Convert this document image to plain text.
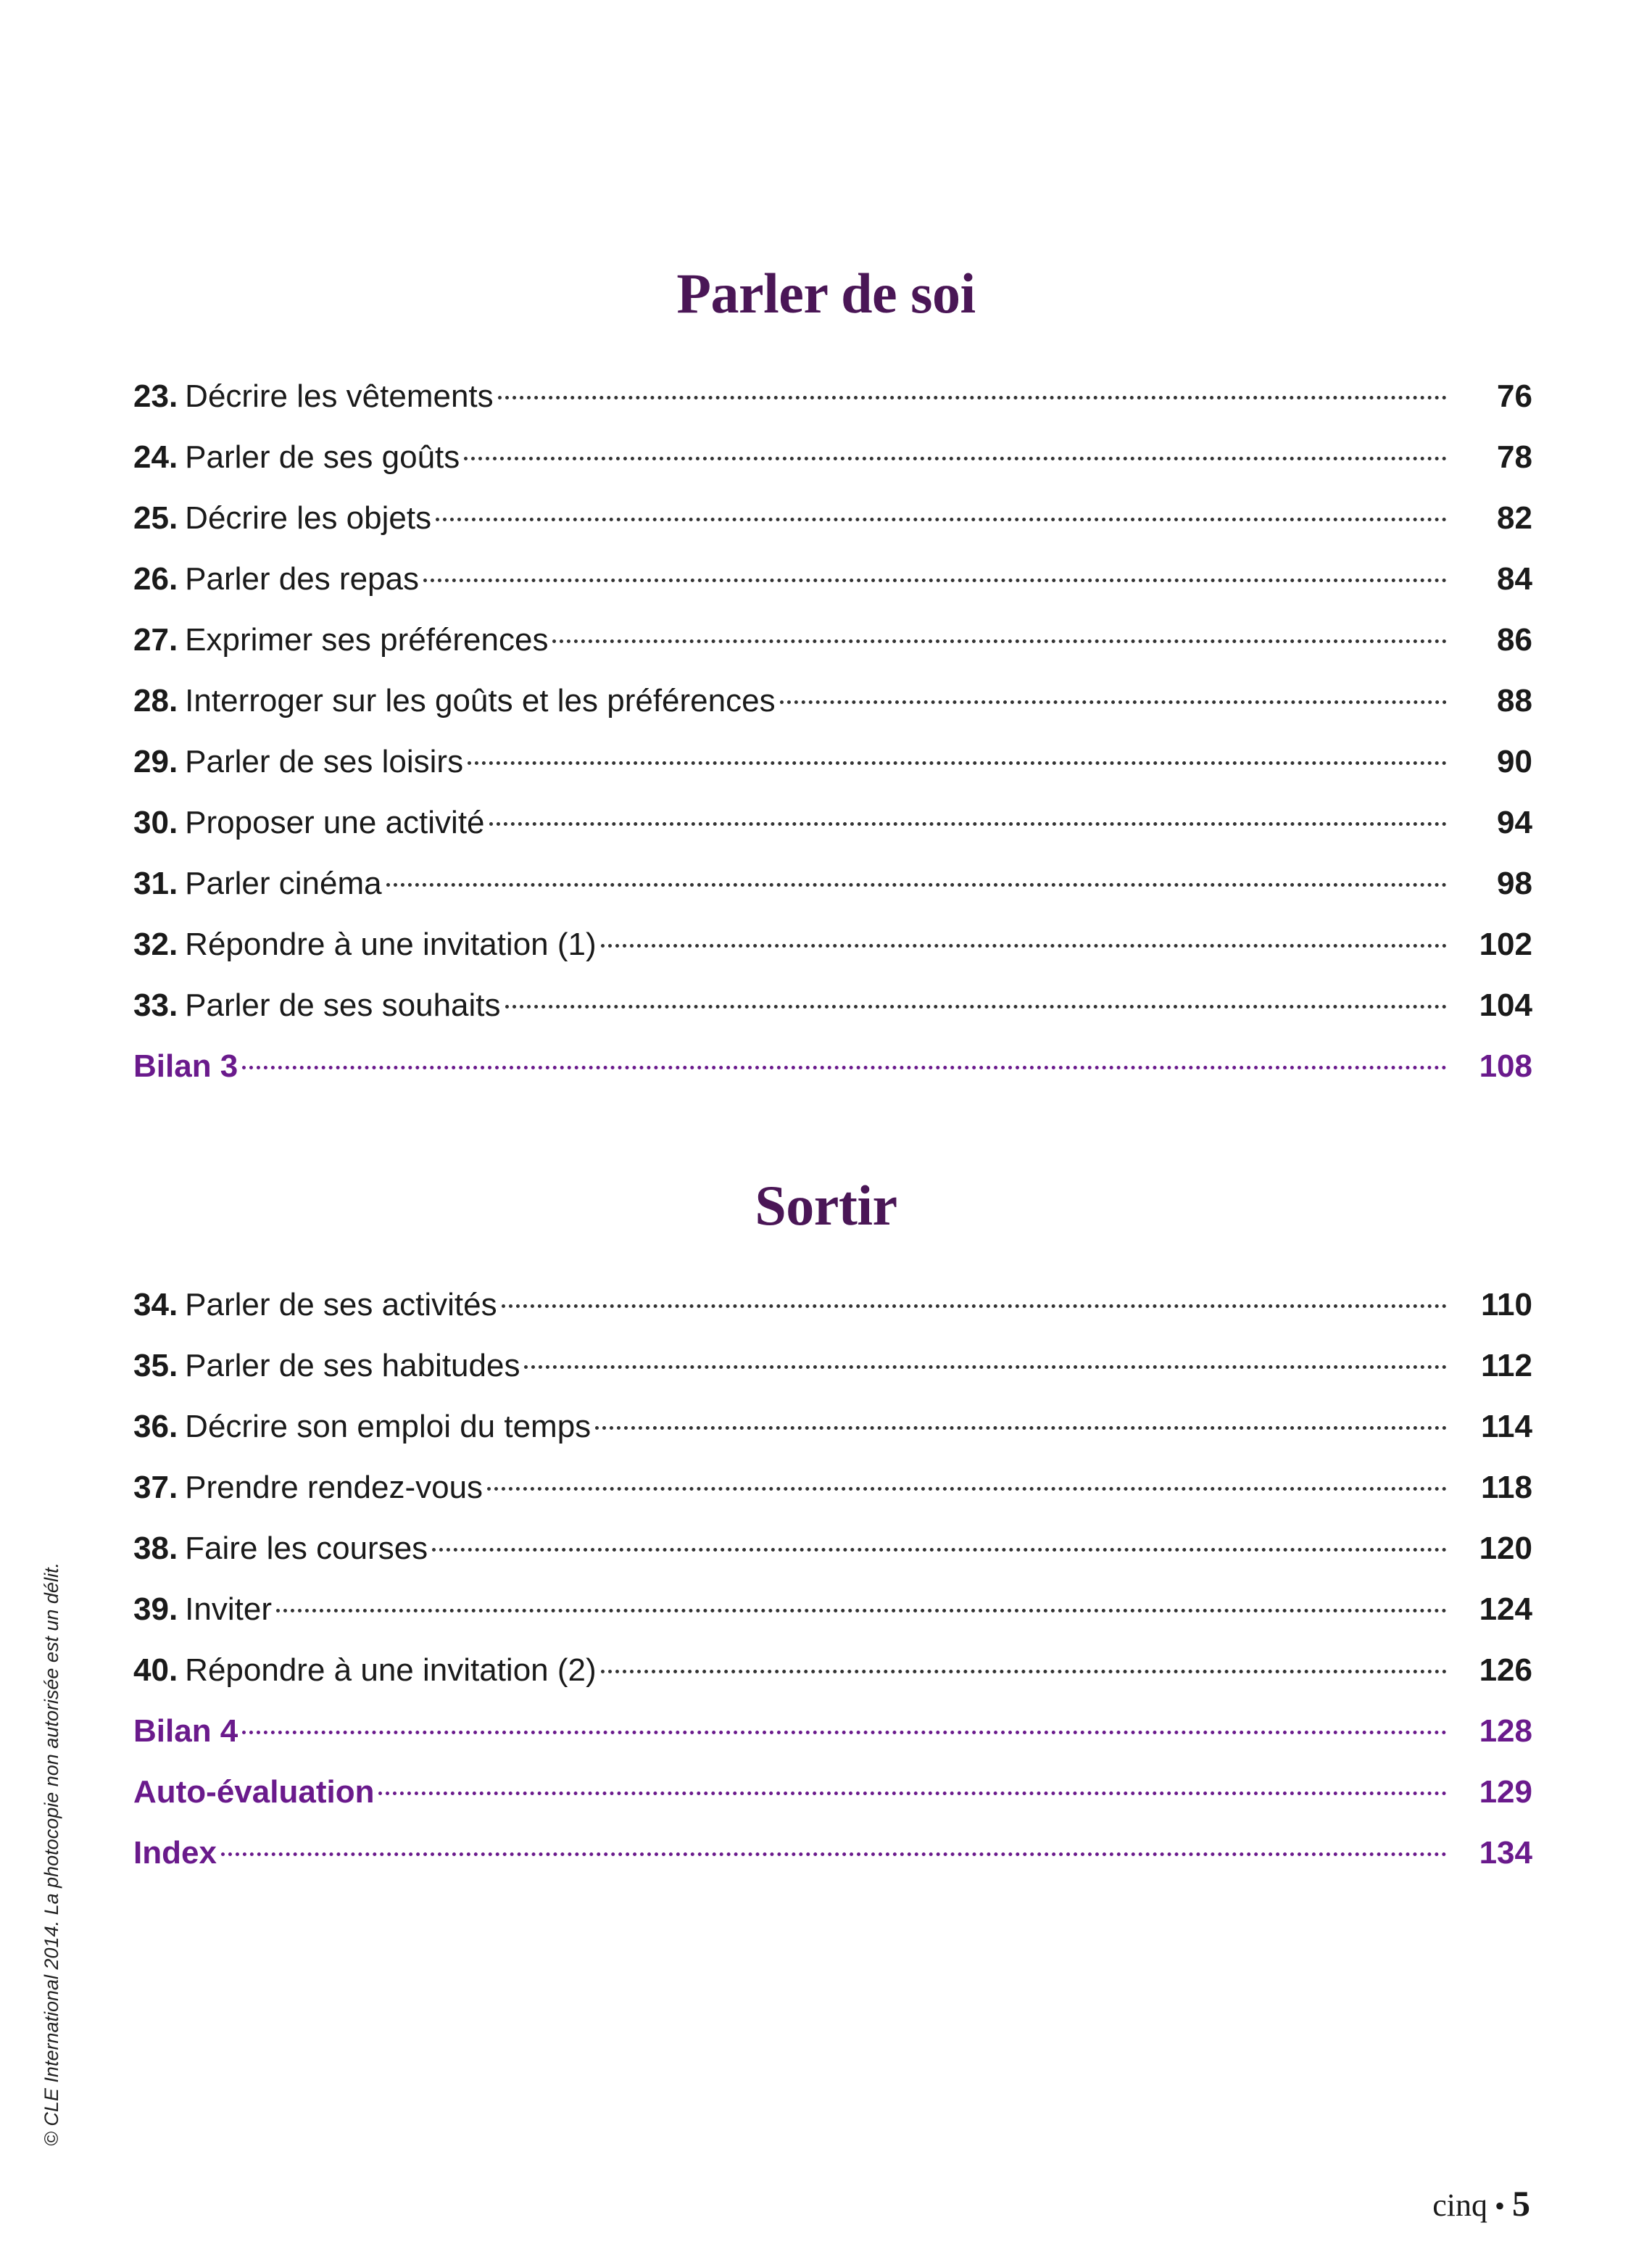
Parler de soi
23. Décrire les vêtements	76
24. Parler de ses goûts	78
25. Décrire les objets	82
26. Parler des repas	84
27. Exprimer ses préférences	86
28. Interroger sur les goûts et les préférences	88
29. Parler de ses loisirs	90
30. Proposer une activité	94
31. Parler cinéma	98
32. Répondre à une invitation (1)	102
33. Parler de ses souhaits	104
Bilan 3	108
Sortir
34. Parler de ses activités	110
35. Parler de ses habitudes	112
36. Décrire son emploi du temps	114
37. Prendre rendez-vous	118
38. Faire les courses	120
39. Inviter	124
40. Répondre à une invitation (2)	126
Bilan 4	128
Auto-évaluation	129
Index	134
© CLE International 2014. La photocopie non autorisée est un délit.
cinq • 5
